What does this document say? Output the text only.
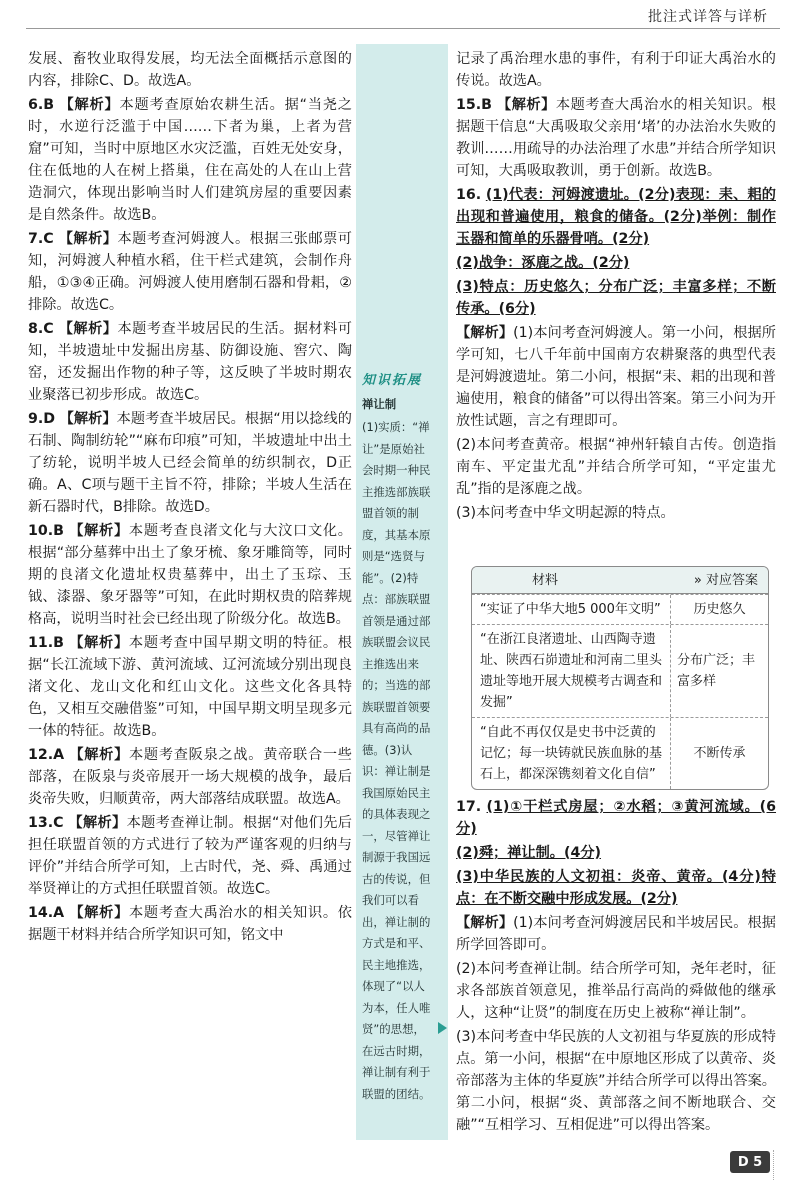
批注式详答与详析

发展、畜牧业取得发展，均无法全面概括示意图的内容，排除C、D。故选A。

6.B 【解析】本题考查原始农耕生活。据“当尧之时，水逆行泛滥于中国……下者为巢，上者为营窟”可知，当时中原地区水灾泛滥，百姓无处安身，住在低地的人在树上搭巢，住在高处的人在山上营造洞穴，体现出影响当时人们建筑房屋的重要因素是自然条件。故选B。

7.C 【解析】本题考查河姆渡人。根据三张邮票可知，河姆渡人种植水稻，住干栏式建筑，会制作舟船，①③④正确。河姆渡人使用磨制石器和骨耜，②排除。故选C。

8.C 【解析】本题考查半坡居民的生活。据材料可知，半坡遗址中发掘出房基、防御设施、窖穴、陶窑，还发掘出作物的种子等，这反映了半坡时期农业聚落已初步形成。故选C。

9.D 【解析】本题考查半坡居民。根据“用以捻线的石制、陶制纺轮”“麻布印痕”可知，半坡遗址中出土了纺轮，说明半坡人已经会简单的纺织制衣，D正确。A、C项与题干主旨不符，排除；半坡人生活在新石器时代，B排除。故选D。

10.B 【解析】本题考查良渚文化与大汶口文化。根据“部分墓葬中出土了象牙梳、象牙雕筒等，同时期的良渚文化遗址权贵墓葬中，出土了玉琮、玉钺、漆器、象牙器等”可知，在此时期权贵的陪葬规格高，说明当时社会已经出现了阶级分化。故选B。

11.B 【解析】本题考查中国早期文明的特征。根据“长江流域下游、黄河流域、辽河流域分别出现良渚文化、龙山文化和红山文化。这些文化各具特色，又相互交融借鉴”可知，中国早期文明呈现多元一体的特征。故选B。

12.A 【解析】本题考查阪泉之战。黄帝联合一些部落，在阪泉与炎帝展开一场大规模的战争，最后炎帝失败，归顺黄帝，两大部落结成联盟。故选A。

13.C 【解析】本题考查禅让制。根据“对他们先后担任联盟首领的方式进行了较为严谨客观的归纳与评价”并结合所学可知，上古时代，尧、舜、禹通过举贤禅让的方式担任联盟首领。故选C。

14.A 【解析】本题考查大禹治水的相关知识。依据题干材料并结合所学知识可知，铭文中

知识拓展
禅让制
(1)实质：“禅让”是原始社会时期一种民主推选部族联盟首领的制度，其基本原则是“选贤与能”。(2)特点：部族联盟首领是通过部族联盟会议民主推选出来的；当选的部族联盟首领要具有高尚的品德。(3)认识：禅让制是我国原始民主的具体表现之一，尽管禅让制源于我国远古的传说，但我们可以看出，禅让制的方式是和平、民主地推选，体现了“以人为本，任人唯贤”的思想，在远古时期，禅让制有利于联盟的团结。

记录了禹治理水患的事件，有利于印证大禹治水的传说。故选A。

15.B 【解析】本题考查大禹治水的相关知识。根据题干信息“大禹吸取父亲用‘堵’的办法治水失败的教训……用疏导的办法治理了水患”并结合所学知识可知，大禹吸取教训，勇于创新。故选B。

16. (1)代表：河姆渡遗址。(2分)表现：耒、耜的出现和普遍使用，粮食的储备。(2分)举例：制作玉器和简单的乐器骨哨。(2分)

(2)战争：涿鹿之战。(2分)

(3)特点：历史悠久；分布广泛；丰富多样；不断传承。(6分)

【解析】(1)本问考查河姆渡人。第一小问，根据所学可知，七八千年前中国南方农耕聚落的典型代表是河姆渡遗址。第二小问，根据“耒、耜的出现和普遍使用，粮食的储备”可以得出答案。第三小问为开放性试题，言之有理即可。

(2)本问考查黄帝。根据“神州轩辕自古传。创造指南车、平定蚩尤乱”并结合所学可知，“平定蚩尤乱”指的是涿鹿之战。

(3)本问考查中华文明起源的特点。

材料	» 对应答案
“实证了中华大地5 000年文明”	历史悠久
“在浙江良渚遗址、山西陶寺遗址、陕西石峁遗址和河南二里头遗址等地开展大规模考古调查和发掘”
分布广泛；丰富多样
“自此不再仅仅是史书中泛黄的记忆；每一块铸就民族血脉的基石上，都深深镌刻着文化自信”
不断传承

17. (1)①干栏式房屋；②水稻；③黄河流域。(6分)

(2)舜；禅让制。(4分)

(3)中华民族的人文初祖：炎帝、黄帝。(4分)特点：在不断交融中形成发展。(2分)

【解析】(1)本问考查河姆渡居民和半坡居民。根据所学回答即可。

(2)本问考查禅让制。结合所学可知，尧年老时，征求各部族首领意见，推举品行高尚的舜做他的继承人，这种“让贤”的制度在历史上被称“禅让制”。

(3)本问考查中华民族的人文初祖与华夏族的形成特点。第一小问，根据“在中原地区形成了以黄帝、炎帝部落为主体的华夏族”并结合所学可以得出答案。第二小问，根据“炎、黄部落之间不断地联合、交融”“互相学习、互相促进”可以得出答案。

D 5
